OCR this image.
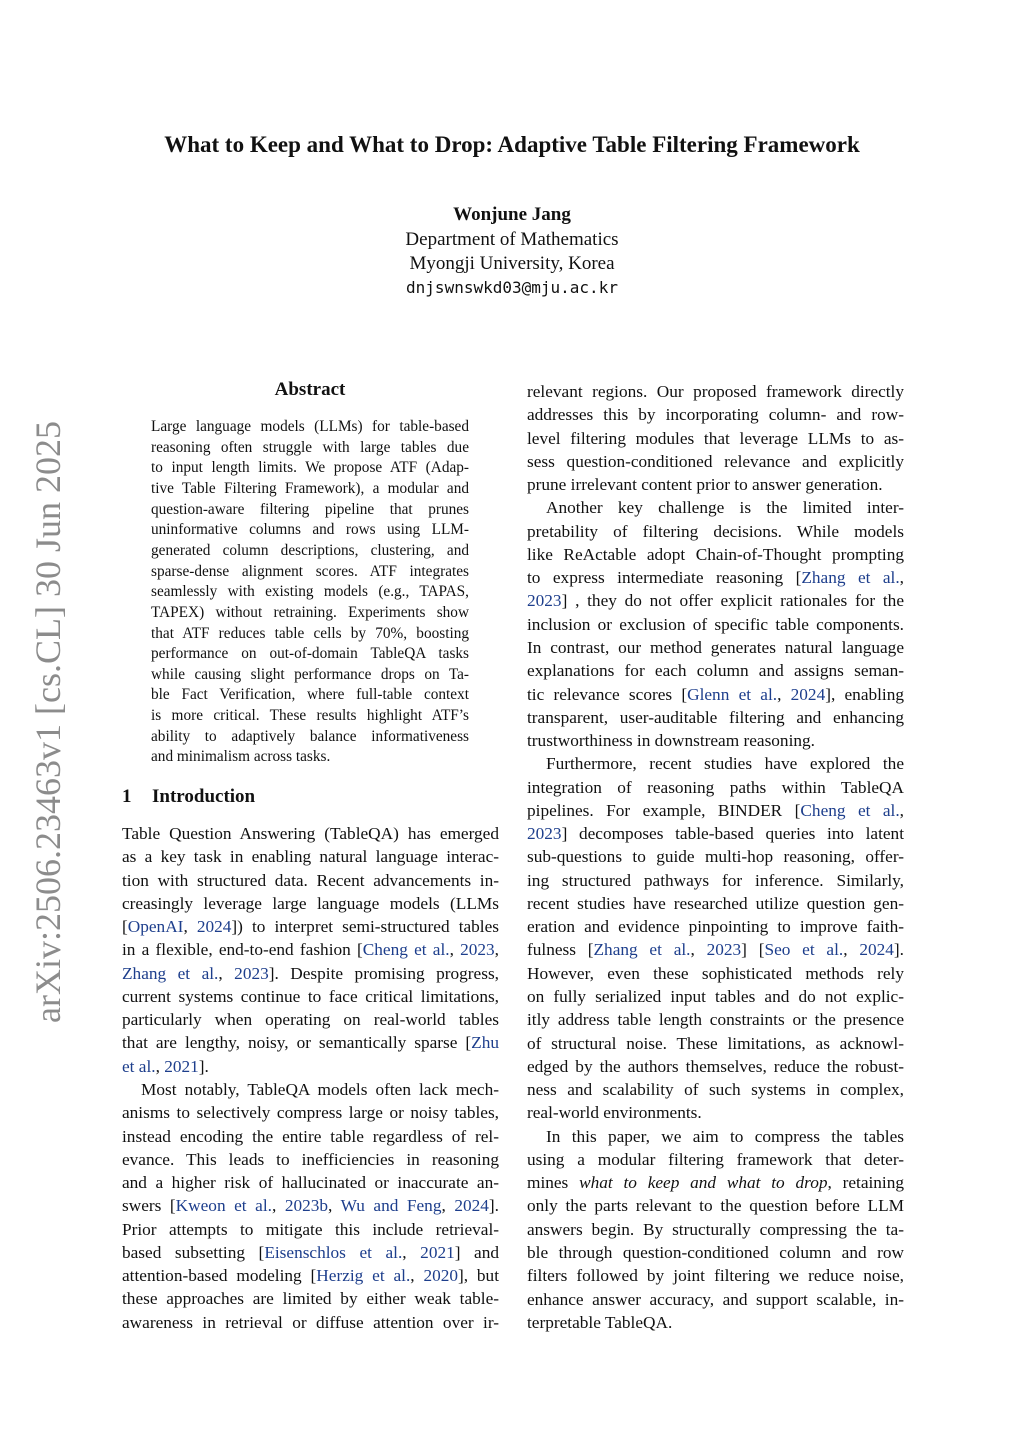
What to Keep and What to Drop: Adaptive Table Filtering Framework
Wonjune Jang
Department of Mathematics
Myongji University, Korea
dnjswnswkd03@mju.ac.kr
arXiv:2506.23463v1 [cs.CL] 30 Jun 2025
Abstract
Large language models (LLMs) for table-based
reasoning often struggle with large tables due
to input length limits. We propose ATF (Adap-
tive Table Filtering Framework), a modular and
question-aware filtering pipeline that prunes
uninformative columns and rows using LLM-
generated column descriptions, clustering, and
sparse-dense alignment scores. ATF integrates
seamlessly with existing models (e.g., TAPAS,
TAPEX) without retraining. Experiments show
that ATF reduces table cells by 70%, boosting
performance on out-of-domain TableQA tasks
while causing slight performance drops on Ta-
ble Fact Verification, where full-table context
is more critical. These results highlight ATF’s
ability to adaptively balance informativeness
and minimalism across tasks.
1 Introduction
Table Question Answering (TableQA) has emerged
as a key task in enabling natural language interac-
tion with structured data. Recent advancements in-
creasingly leverage large language models (LLMs
[OpenAI, 2024]) to interpret semi-structured tables
in a flexible, end-to-end fashion [Cheng et al., 2023,
Zhang et al., 2023]. Despite promising progress,
current systems continue to face critical limitations,
particularly when operating on real-world tables
that are lengthy, noisy, or semantically sparse [Zhu
et al., 2021].
Most notably, TableQA models often lack mech-
anisms to selectively compress large or noisy tables,
instead encoding the entire table regardless of rel-
evance. This leads to inefficiencies in reasoning
and a higher risk of hallucinated or inaccurate an-
swers [Kweon et al., 2023b, Wu and Feng, 2024].
Prior attempts to mitigate this include retrieval-
based subsetting [Eisenschlos et al., 2021] and
attention-based modeling [Herzig et al., 2020], but
these approaches are limited by either weak table-
awareness in retrieval or diffuse attention over ir-
relevant regions. Our proposed framework directly
addresses this by incorporating column- and row-
level filtering modules that leverage LLMs to as-
sess question-conditioned relevance and explicitly
prune irrelevant content prior to answer generation.
Another key challenge is the limited inter-
pretability of filtering decisions. While models
like ReActable adopt Chain-of-Thought prompting
to express intermediate reasoning [Zhang et al.,
2023] , they do not offer explicit rationales for the
inclusion or exclusion of specific table components.
In contrast, our method generates natural language
explanations for each column and assigns seman-
tic relevance scores [Glenn et al., 2024], enabling
transparent, user-auditable filtering and enhancing
trustworthiness in downstream reasoning.
Furthermore, recent studies have explored the
integration of reasoning paths within TableQA
pipelines. For example, BINDER [Cheng et al.,
2023] decomposes table-based queries into latent
sub-questions to guide multi-hop reasoning, offer-
ing structured pathways for inference. Similarly,
recent studies have researched utilize question gen-
eration and evidence pinpointing to improve faith-
fulness [Zhang et al., 2023] [Seo et al., 2024].
However, even these sophisticated methods rely
on fully serialized input tables and do not explic-
itly address table length constraints or the presence
of structural noise. These limitations, as acknowl-
edged by the authors themselves, reduce the robust-
ness and scalability of such systems in complex,
real-world environments.
In this paper, we aim to compress the tables
using a modular filtering framework that deter-
mines what to keep and what to drop, retaining
only the parts relevant to the question before LLM
answers begin. By structurally compressing the ta-
ble through question-conditioned column and row
filters followed by joint filtering we reduce noise,
enhance answer accuracy, and support scalable, in-
terpretable TableQA.
